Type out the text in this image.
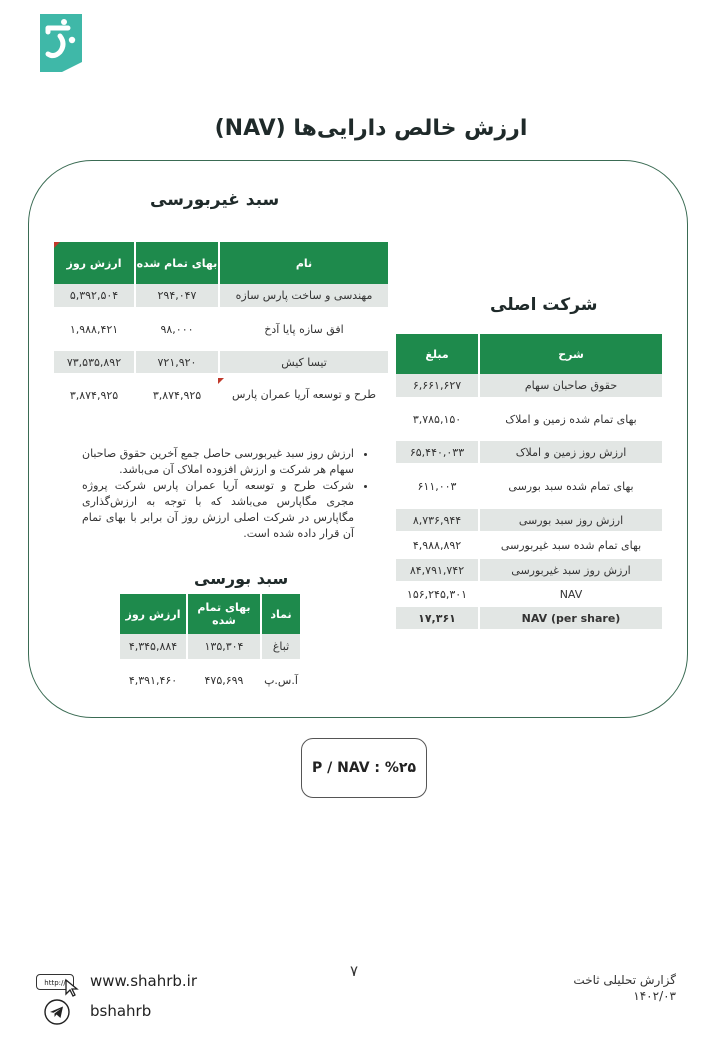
ارزش خالص دارایی‌ها (NAV)
سبد غیربورسی
نام	بهای تمام شده	ارزش روز
مهندسی و ساخت پارس سازه	۲۹۴,۰۴۷	۵,۳۹۲,۵۰۴
افق سازه پایا آدخ	۹۸,۰۰۰	۱,۹۸۸,۴۲۱
تیسا کیش	۷۲۱,۹۲۰	۷۳,۵۳۵,۸۹۲
طرح و توسعه آریا عمران پارس	۳,۸۷۴,۹۲۵	۳,۸۷۴,۹۲۵
• ارزش روز سبد غیربورسی حاصل جمع آخرین حقوق صاحبان سهام هر شرکت و ارزش افزوده املاک آن می‌باشد.
• شرکت طرح و توسعه آریا عمران پارس شرکت پروژه مجری مگاپارس می‌باشد که با توجه به ارزش‌گذاری مگاپارس در شرکت اصلی ارزش روز آن برابر با بهای تمام آن قرار داده شده است.
سبد بورسی
نماد	بهای تمام شده	ارزش روز
ثباغ	۱۳۵,۳۰۴	۴,۳۴۵,۸۸۴
آ.س.پ	۴۷۵,۶۹۹	۴,۳۹۱,۴۶۰
شرکت اصلی
شرح	مبلغ
حقوق صاحبان سهام	۶,۶۶۱,۶۲۷
بهای تمام شده زمین و املاک	۳,۷۸۵,۱۵۰
ارزش روز زمین و املاک	۶۵,۴۴۰,۰۳۳
بهای تمام شده سبد بورسی	۶۱۱,۰۰۳
ارزش روز سبد بورسی	۸,۷۳۶,۹۴۴
بهای تمام شده سبد غیربورسی	۴,۹۸۸,۸۹۲
ارزش روز سبد غیربورسی	۸۴,۷۹۱,۷۴۲
NAV	۱۵۶,۲۴۵,۳۰۱
NAV (per share)	۱۷,۳۶۱
P / NAV : %۲۵
۷	گزارش تحلیلی ثاخت
۱۴۰۲/۰۳
http://	www.shahrb.ir
bshahrb
